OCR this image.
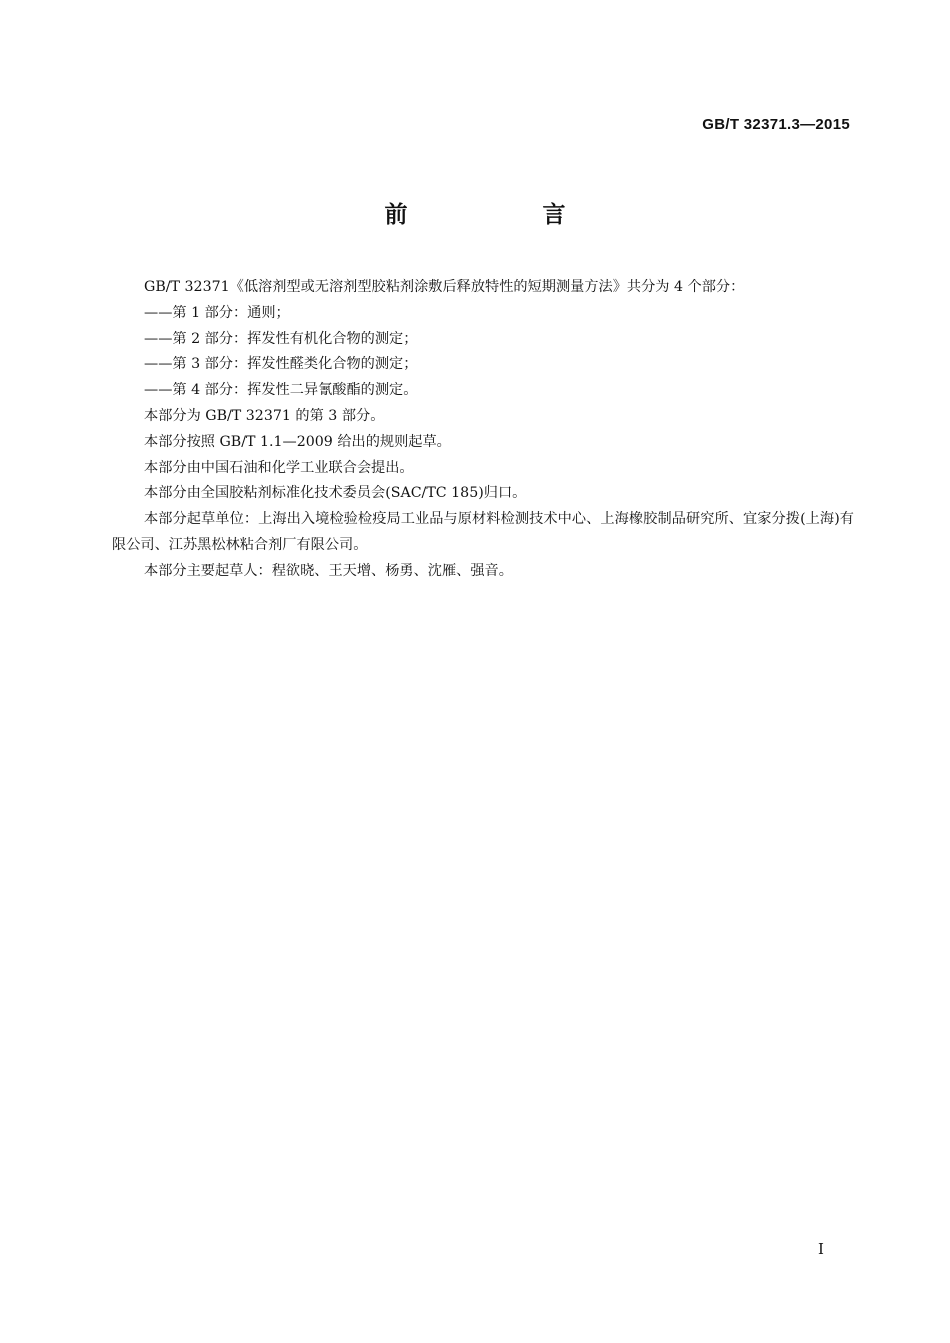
GB/T 32371.3—2015
前　言

GB/T 32371《低溶剂型或无溶剂型胶粘剂涂敷后释放特性的短期测量方法》共分为 4 个部分：

——第 1 部分：通则；

——第 2 部分：挥发性有机化合物的测定；

——第 3 部分：挥发性醛类化合物的测定；

——第 4 部分：挥发性二异氰酸酯的测定。

本部分为 GB/T 32371 的第 3 部分。

本部分按照 GB/T 1.1—2009 给出的规则起草。

本部分由中国石油和化学工业联合会提出。

本部分由全国胶粘剂标准化技术委员会(SAC/TC 185)归口。

本部分起草单位：上海出入境检验检疫局工业品与原材料检测技术中心、上海橡胶制品研究所、宜家分拨(上海)有限公司、江苏黑松林粘合剂厂有限公司。

本部分主要起草人：程欲晓、王天增、杨勇、沈雁、强音。

I
